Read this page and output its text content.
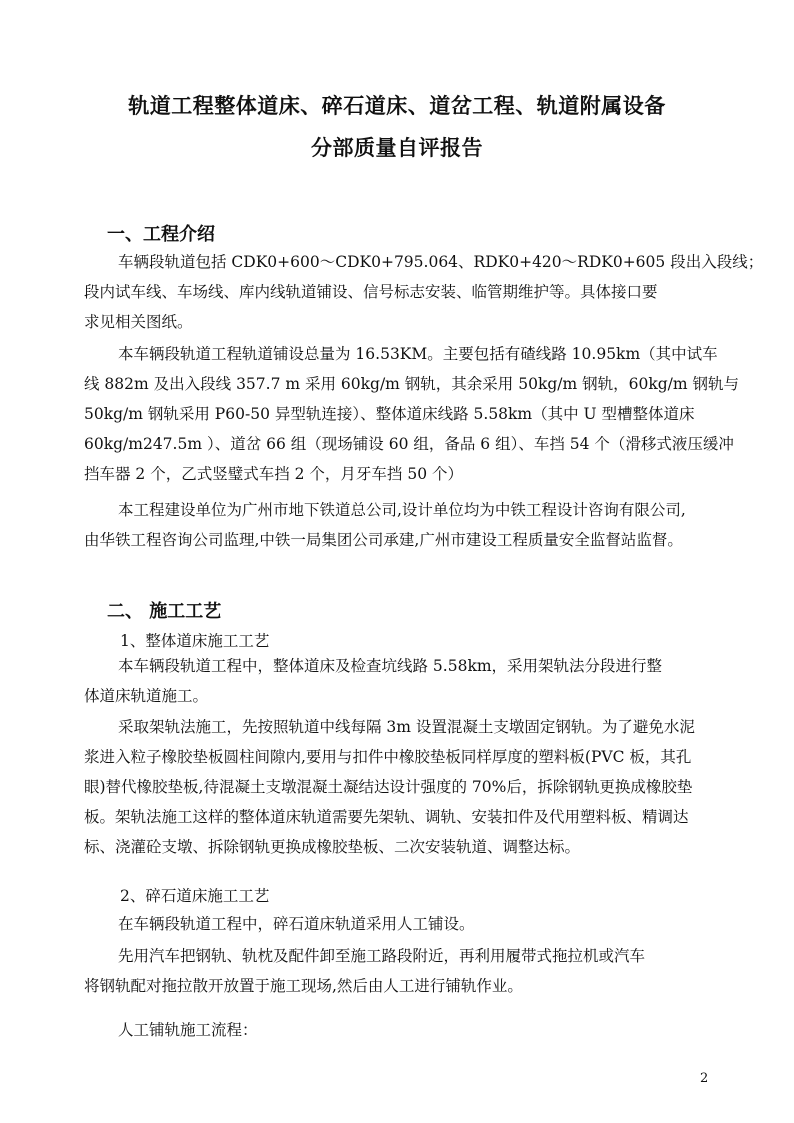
轨道工程整体道床、碎石道床、道岔工程、轨道附属设备
分部质量自评报告
一、工程介绍
车辆段轨道包括 CDK0+600～CDK0+795.064、RDK0+420～RDK0+605 段出入段线；
段内试车线、车场线、库内线轨道铺设、信号标志安装、临管期维护等。具体接口要
求见相关图纸。
本车辆段轨道工程轨道铺设总量为 16.53KM。主要包括有碴线路 10.95km（其中试车
线 882m 及出入段线 357.7 m 采用 60kg/m 钢轨，其余采用 50kg/m 钢轨，60kg/m 钢轨与
50kg/m 钢轨采用 P60-50 异型轨连接）、整体道床线路 5.58km（其中 U 型槽整体道床
60kg/m247.5m ）、道岔 66 组（现场铺设 60 组，备品 6 组）、车挡 54 个（滑移式液压缓冲
挡车器 2 个，乙式竖璧式车挡 2 个，月牙车挡 50 个）
本工程建设单位为广州市地下铁道总公司,设计单位均为中铁工程设计咨询有限公司,
由华铁工程咨询公司监理,中铁一局集团公司承建,广州市建设工程质量安全监督站监督。
二、 施工工艺
1、整体道床施工工艺
本车辆段轨道工程中，整体道床及检查坑线路 5.58km，采用架轨法分段进行整
体道床轨道施工。
采取架轨法施工，先按照轨道中线每隔 3m 设置混凝土支墩固定钢轨。为了避免水泥
浆进入粒子橡胶垫板圆柱间隙内,要用与扣件中橡胶垫板同样厚度的塑料板(PVC 板，其孔
眼)替代橡胶垫板,待混凝土支墩混凝土凝结达设计强度的 70%后，拆除钢轨更换成橡胶垫
板。架轨法施工这样的整体道床轨道需要先架轨、调轨、安装扣件及代用塑料板、精调达
标、浇灌砼支墩、拆除钢轨更换成橡胶垫板、二次安装轨道、调整达标。
2、碎石道床施工工艺
在车辆段轨道工程中，碎石道床轨道采用人工铺设。
先用汽车把钢轨、轨枕及配件卸至施工路段附近，再利用履带式拖拉机或汽车
将钢轨配对拖拉散开放置于施工现场,然后由人工进行铺轨作业。
人工铺轨施工流程：
2
